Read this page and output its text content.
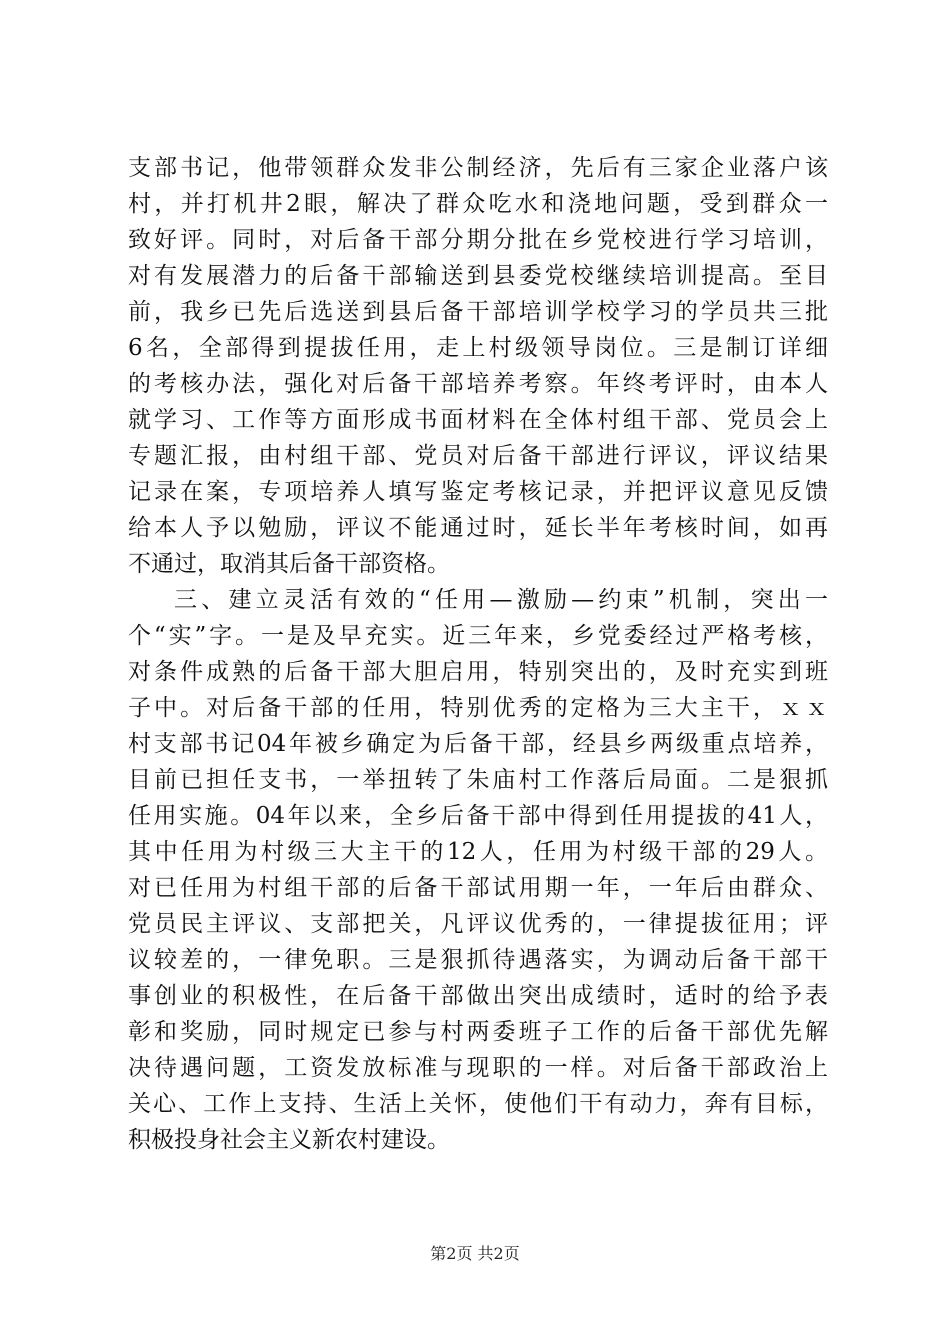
支部书记，他带领群众发非公制经济，先后有三家企业落户该
村，并打机井2眼，解决了群众吃水和浇地问题，受到群众一
致好评。同时，对后备干部分期分批在乡党校进行学习培训，
对有发展潜力的后备干部输送到县委党校继续培训提高。至目
前，我乡已先后选送到县后备干部培训学校学习的学员共三批
6名，全部得到提拔任用，走上村级领导岗位。三是制订详细
的考核办法，强化对后备干部培养考察。年终考评时，由本人
就学习、工作等方面形成书面材料在全体村组干部、党员会上
专题汇报，由村组干部、党员对后备干部进行评议，评议结果
记录在案，专项培养人填写鉴定考核记录，并把评议意见反馈
给本人予以勉励，评议不能通过时，延长半年考核时间，如再
不通过，取消其后备干部资格。
三、建立灵活有效的“任用—激励—约束”机制，突出一
个“实”字。一是及早充实。近三年来，乡党委经过严格考核，
对条件成熟的后备干部大胆启用，特别突出的，及时充实到班
子中。对后备干部的任用，特别优秀的定格为三大主干，ｘｘ
村支部书记04年被乡确定为后备干部，经县乡两级重点培养，
目前已担任支书，一举扭转了朱庙村工作落后局面。二是狠抓
任用实施。04年以来，全乡后备干部中得到任用提拔的41人，
其中任用为村级三大主干的12人，任用为村级干部的29人。
对已任用为村组干部的后备干部试用期一年，一年后由群众、
党员民主评议、支部把关，凡评议优秀的，一律提拔征用；评
议较差的，一律免职。三是狠抓待遇落实，为调动后备干部干
事创业的积极性，在后备干部做出突出成绩时，适时的给予表
彰和奖励，同时规定已参与村两委班子工作的后备干部优先解
决待遇问题，工资发放标准与现职的一样。对后备干部政治上
关心、工作上支持、生活上关怀，使他们干有动力，奔有目标，
积极投身社会主义新农村建设。
第2页 共2页
